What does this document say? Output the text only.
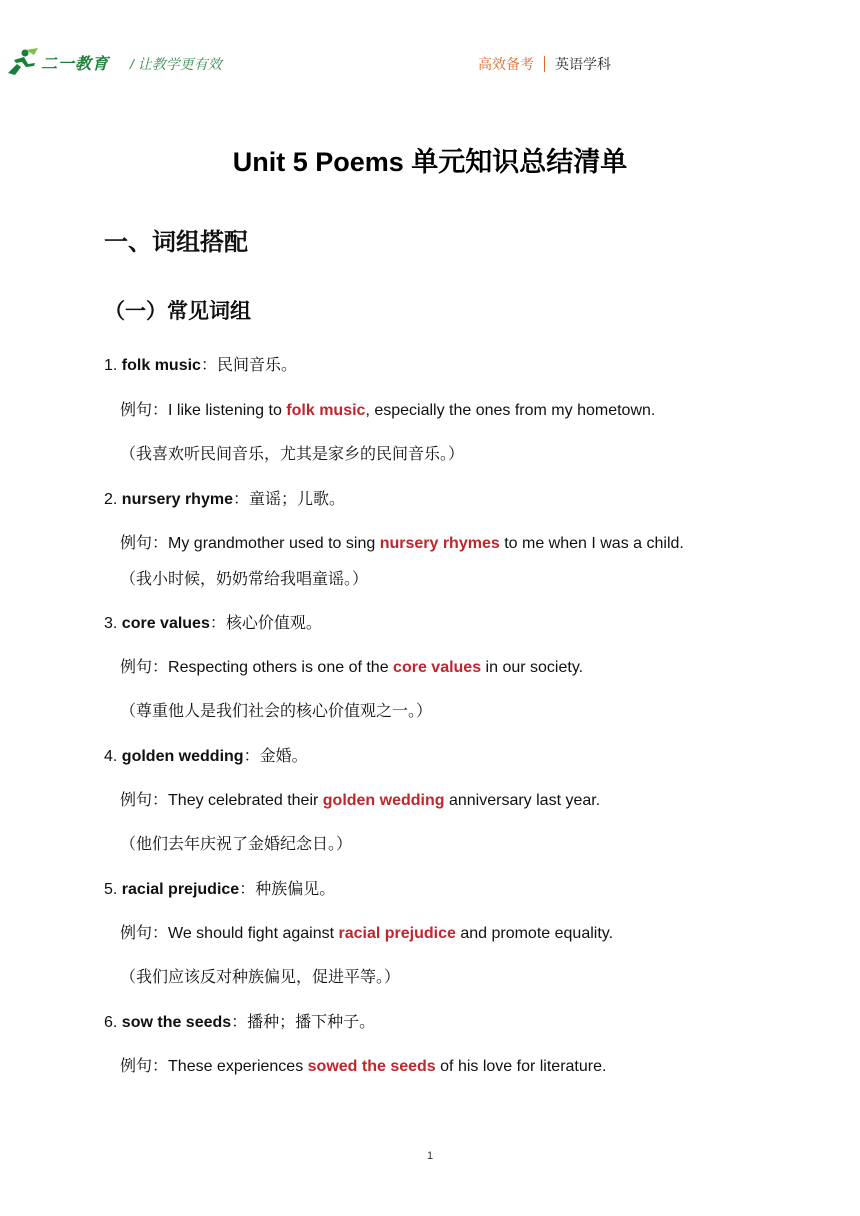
二一教育 / 让教学更有效	高效备考 英语学科
Unit 5 Poems 单元知识总结清单
一、词组搭配
（一）常见词组
1. folk music：民间音乐。
例句：I like listening to folk music, especially the ones from my hometown.
（我喜欢听民间音乐，尤其是家乡的民间音乐。）
2. nursery rhyme：童谣；儿歌。
例句：My grandmother used to sing nursery rhymes to me when I was a child.
（我小时候，奶奶常给我唱童谣。）
3. core values：核心价值观。
例句：Respecting others is one of the core values in our society.
（尊重他人是我们社会的核心价值观之一。）
4. golden wedding：金婚。
例句：They celebrated their golden wedding anniversary last year.
（他们去年庆祝了金婚纪念日。）
5. racial prejudice：种族偏见。
例句：We should fight against racial prejudice and promote equality.
（我们应该反对种族偏见，促进平等。）
6. sow the seeds：播种；播下种子。
例句：These experiences sowed the seeds of his love for literature.
1
